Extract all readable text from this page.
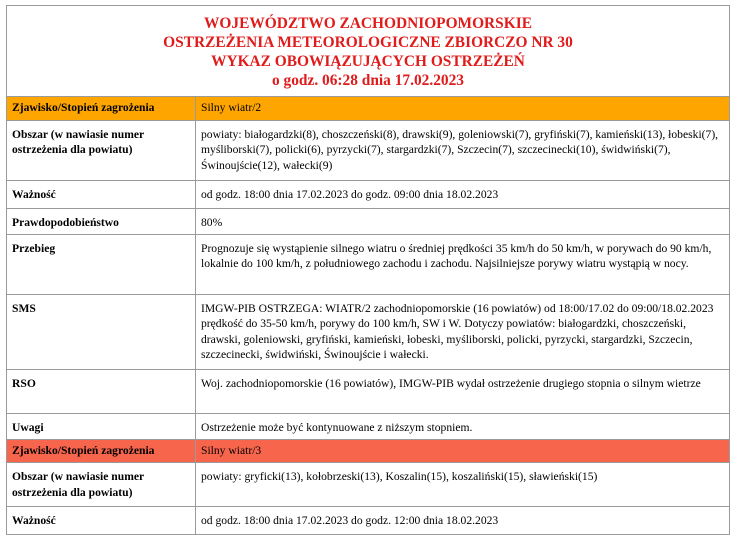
WOJEWÓDZTWO ZACHODNIOPOMORSKIE
OSTRZEŻENIA METEOROLOGICZNE ZBIORCZO NR 30
WYKAZ OBOWIĄZUJĄCYCH OSTRZEŻEŃ
o godz. 06:28 dnia 17.02.2023
Zjawisko/Stopień zagrożenia	Silny wiatr/2
Obszar (w nawiasie numer ostrzeżenia dla powiatu)	powiaty: białogardzki(8), choszczeński(8), drawski(9), goleniowski(7), gryfiński(7), kamieński(13), łobeski(7), myśliborski(7), policki(6), pyrzycki(7), stargardzki(7), Szczecin(7), szczecinecki(10), świdwiński(7), Świnoujście(12), wałecki(9)
Ważność	od godz. 18:00 dnia 17.02.2023 do godz. 09:00 dnia 18.02.2023
Prawdopodobieństwo	80%
Przebieg	Prognozuje się wystąpienie silnego wiatru o średniej prędkości 35 km/h do 50 km/h, w porywach do 90 km/h, lokalnie do 100 km/h, z południowego zachodu i zachodu. Najsilniejsze porywy wiatru wystąpią w nocy.
SMS	IMGW-PIB OSTRZEGA: WIATR/2 zachodniopomorskie (16 powiatów) od 18:00/17.02 do 09:00/18.02.2023 prędkość do 35-50 km/h, porywy do 100 km/h, SW i W. Dotyczy powiatów: białogardzki, choszczeński, drawski, goleniowski, gryfiński, kamieński, łobeski, myśliborski, policki, pyrzycki, stargardzki, Szczecin, szczecinecki, świdwiński, Świnoujście i wałecki.
RSO	Woj. zachodniopomorskie (16 powiatów), IMGW-PIB wydał ostrzeżenie drugiego stopnia o silnym wietrze
Uwagi	Ostrzeżenie może być kontynuowane z niższym stopniem.
Zjawisko/Stopień zagrożenia	Silny wiatr/3
Obszar (w nawiasie numer ostrzeżenia dla powiatu)	powiaty: gryficki(13), kołobrzeski(13), Koszalin(15), koszaliński(15), sławieński(15)
Ważność	od godz. 18:00 dnia 17.02.2023 do godz. 12:00 dnia 18.02.2023
